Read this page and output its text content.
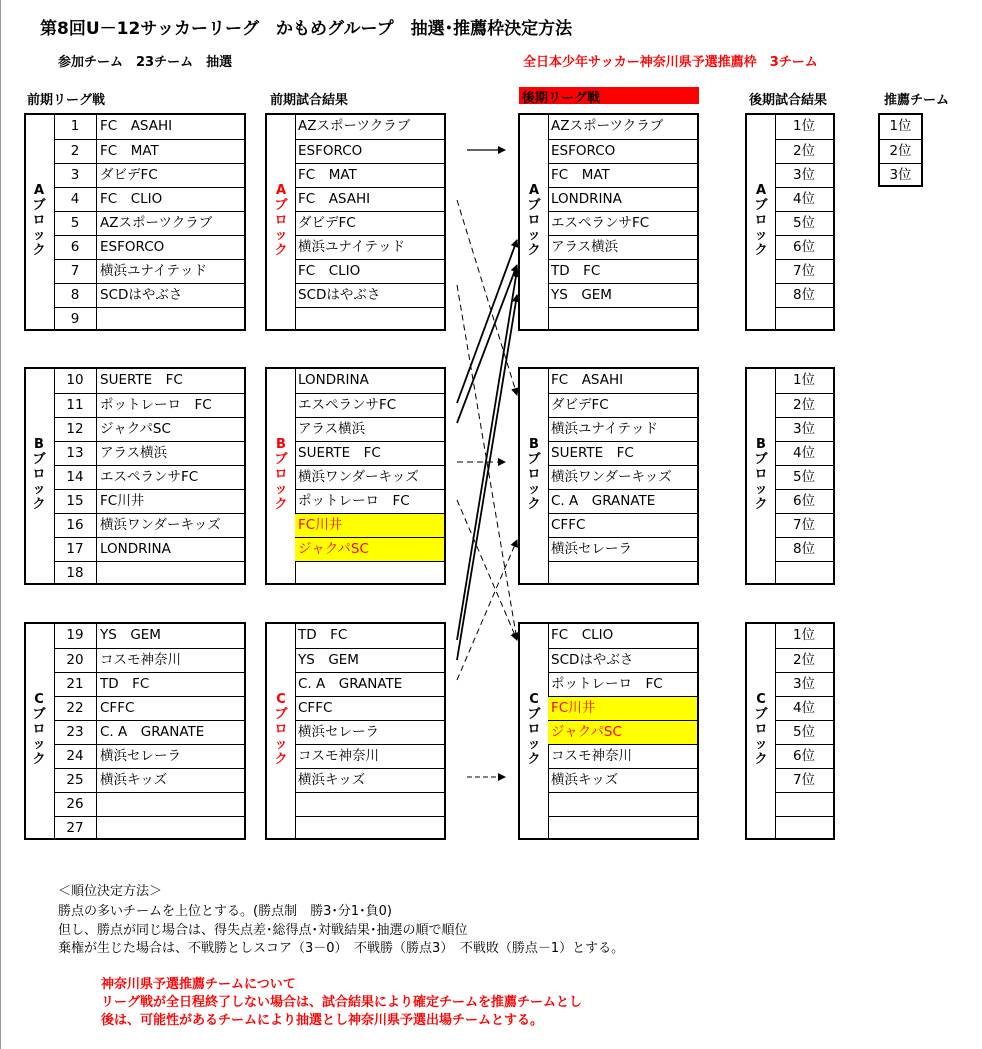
第8回U－12サッカーリーグ　かもめグループ　抽選･推薦枠決定方法
参加チーム　23チーム　抽選	全日本少年サッカー神奈川県予選推薦枠　3チーム
前期リーグ戦	前期試合結果	後期リーグ戦	後期試合結果	推薦チーム
A
ブ
ロ
ッ
ク
1	FC　ASAHI
2	FC　MAT
3	ダビデFC
4	FC　CLIO
5	AZスポーツクラブ
6	ESFORCO
7	横浜ユナイテッド
8	SCDはやぶさ
9
A
ブ
ロ
ッ
ク
AZスポーツクラブ
ESFORCO
FC　MAT
FC　ASAHI
ダビデFC
横浜ユナイテッド
FC　CLIO
SCDはやぶさ
A
ブ
ロ
ッ
ク
AZスポーツクラブ
ESFORCO
FC　MAT
LONDRINA
エスペランサFC
アラス横浜
TD　FC
YS　GEM
A
ブ
ロ
ッ
ク
1位
2位
3位
4位
5位
6位
7位
8位
B
ブ
ロ
ッ
ク
10	SUERTE　FC
11	ポットレーロ　FC
12	ジャクパSC
13	アラス横浜
14	エスペランサFC
15	FC川井
16	横浜ワンダーキッズ
17	LONDRINA
18
B
ブ
ロ
ッ
ク
LONDRINA
エスペランサFC
アラス横浜
SUERTE　FC
横浜ワンダーキッズ
ポットレーロ　FC
FC川井
ジャクパSC
B
ブ
ロ
ッ
ク
FC　ASAHI
ダビデFC
横浜ユナイテッド
SUERTE　FC
横浜ワンダーキッズ
C. A　GRANATE
CFFC
横浜セレーラ
B
ブ
ロ
ッ
ク
1位
2位
3位
4位
5位
6位
7位
8位
C
ブ
ロ
ッ
ク
19	YS　GEM
20	コスモ神奈川
21	TD　FC
22	CFFC
23	C. A　GRANATE
24	横浜セレーラ
25	横浜キッズ
26
27
C
ブ
ロ
ッ
ク
TD　FC
YS　GEM
C. A　GRANATE
CFFC
横浜セレーラ
コスモ神奈川
横浜キッズ
C
ブ
ロ
ッ
ク
FC　CLIO
SCDはやぶさ
ポットレーロ　FC
FC川井
ジャクパSC
コスモ神奈川
横浜キッズ
C
ブ
ロ
ッ
ク
1位
2位
3位
4位
5位
6位
7位
1位
2位
3位
＜順位決定方法＞
勝点の多いチームを上位とする。(勝点制　勝3･分1･負0)
但し、勝点が同じ場合は、得失点差･総得点･対戦結果･抽選の順で順位
棄権が生じた場合は、不戦勝としスコア（3－0）　不戦勝（勝点3）　不戦敗（勝点－1）とする。
神奈川県予選推薦チームについて
リーグ戦が全日程終了しない場合は、試合結果により確定チームを推薦チームとし
後は、可能性があるチームにより抽選とし神奈川県予選出場チームとする。
